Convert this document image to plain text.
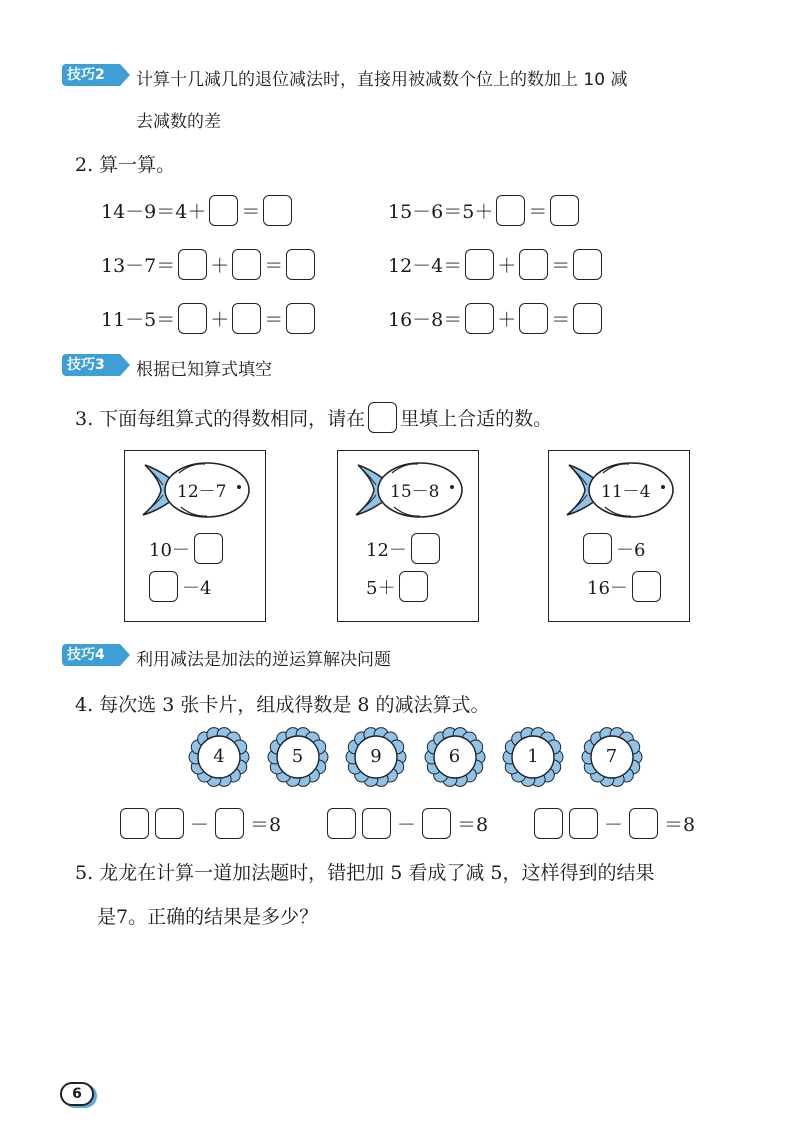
技巧2	计算十几减几的退位减法时，直接用被减数个位上的数加上 10 减
去减数的差
2. 算一算。
14－9＝4＋ ＝	15－6＝5＋ ＝
13－7＝ ＋ ＝	12－4＝ ＋ ＝
11－5＝ ＋ ＝	16－8＝ ＋ ＝
技巧3	根据已知算式填空
3. 下面每组算式的得数相同，请在 里填上合适的数。
12－7
10－
－4
15－8
12－
5＋
11－4
－6
16－
技巧4	利用减法是加法的逆运算解决问题
4. 每次选 3 张卡片，组成得数是 8 的减法算式。
4	5	9	6	1	7
－ ＝8	－ ＝8	－ ＝8
5. 龙龙在计算一道加法题时，错把加 5 看成了减 5，这样得到的结果
是7。正确的结果是多少？
6
